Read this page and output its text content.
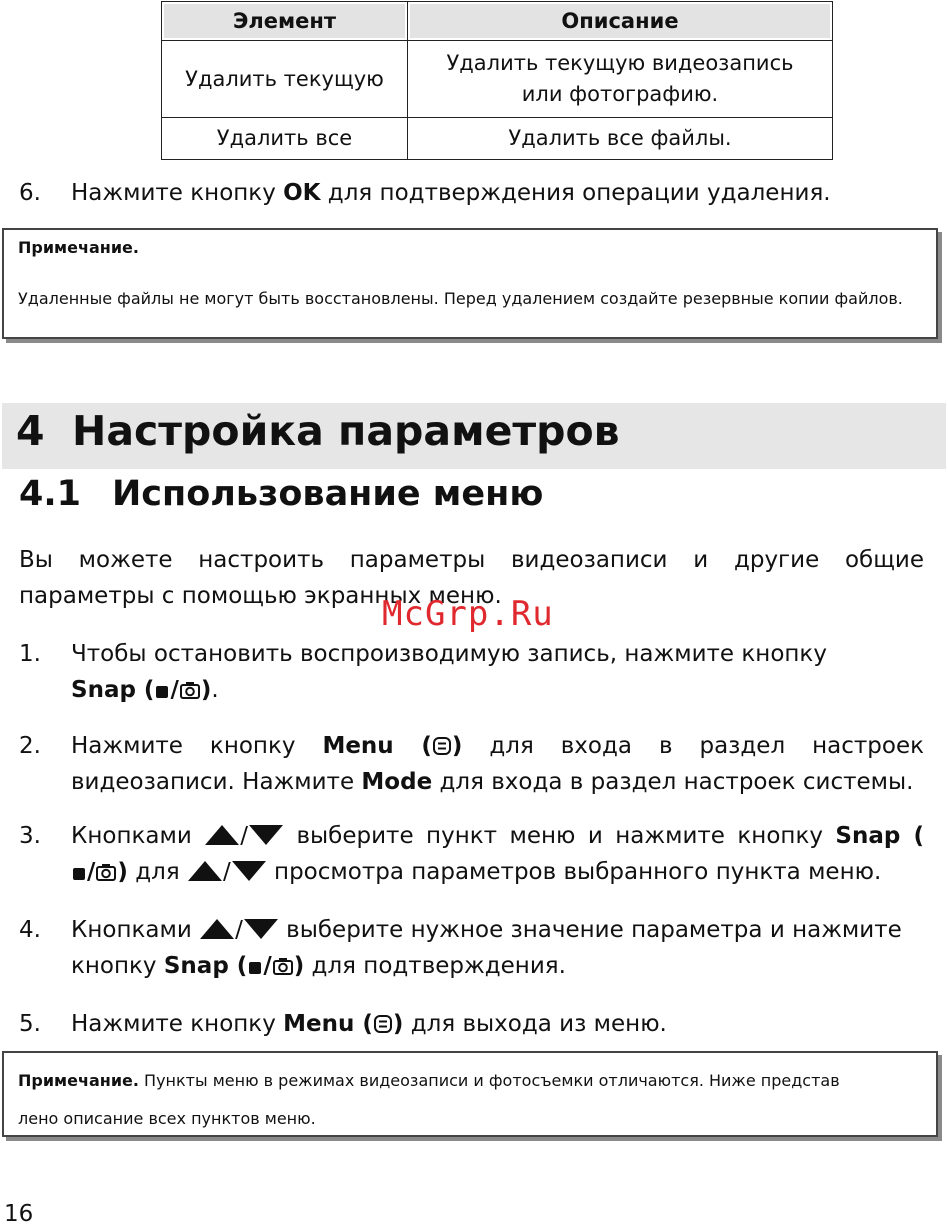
Элемент	Описание
Удалить текущую	Удалить текущую видеозапись
или фотографию.
Удалить все	Удалить все файлы.
6. Нажмите кнопку OK для подтверждения операции удаления.
Примечание.
Удаленные файлы не могут быть восстановлены. Перед удалением создайте резервные копии файлов.
4 Настройка параметров
4.1 Использование меню
Вы можете настроить параметры видеозаписи и другие общие параметры с помощью экранных меню.
McGrp.Ru
1. Чтобы остановить воспроизводимую запись, нажмите кнопку
Snap ( / ).
2. Нажмите кнопку Menu ( ) для входа в раздел настроек
видеозаписи. Нажмите Mode для входа в раздел настроек системы.
3. Кнопками / выберите пункт меню и нажмите кнопку Snap (
/ ) для / просмотра параметров выбранного пункта меню.
4. Кнопками / выберите нужное значение параметра и нажмите
кнопку Snap ( / ) для подтверждения.
5. Нажмите кнопку Menu ( ) для выхода из меню.
Примечание. Пункты меню в режимах видеозаписи и фотосъемки отличаются. Ниже представ
лено описание всех пунктов меню.
16
